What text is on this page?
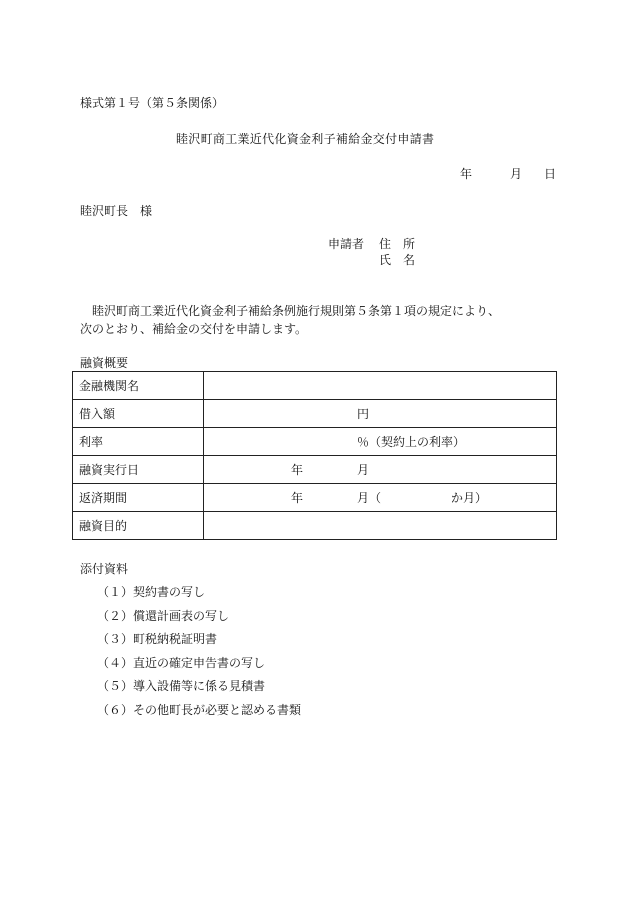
様式第１号（第５条関係）
睦沢町商工業近代化資金利子補給金交付申請書
年	月 日
睦沢町長　様
申請者 住　所
氏　名

睦沢町商工業近代化資金利子補給条例施行規則第５条第１項の規定により、

次のとおり、補給金の交付を申請します。

融資概要
金融機関名	
借入額	円

利率	％（契約上の利率）

融資実行日	年 月

返済期間	年 月（ か月）

融資目的	
添付資料
（１）契約書の写し
（２）償還計画表の写し
（３）町税納税証明書
（４）直近の確定申告書の写し
（５）導入設備等に係る見積書
（６）その他町長が必要と認める書類
